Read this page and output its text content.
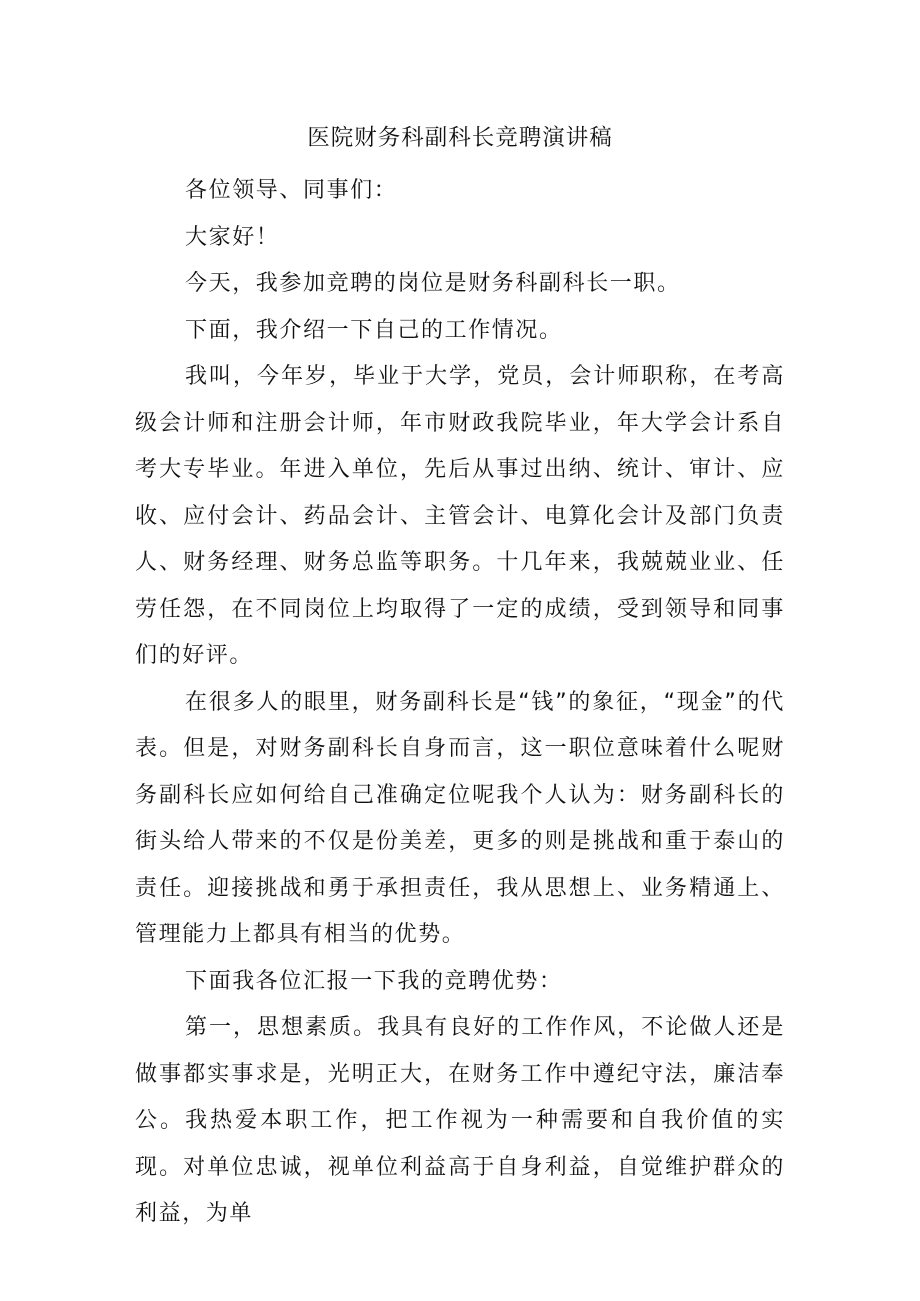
医院财务科副科长竞聘演讲稿

各位领导、同事们：

大家好！

今天，我参加竞聘的岗位是财务科副科长一职。

下面，我介绍一下自己的工作情况。

我叫，今年岁，毕业于大学，党员，会计师职称，在考高级会计师和注册会计师，年市财政我院毕业，年大学会计系自考大专毕业。年进入单位，先后从事过出纳、统计、审计、应收、应付会计、药品会计、主管会计、电算化会计及部门负责人、财务经理、财务总监等职务。十几年来，我兢兢业业、任劳任怨，在不同岗位上均取得了一定的成绩，受到领导和同事们的好评。

在很多人的眼里，财务副科长是“钱”的象征，“现金”的代表。但是，对财务副科长自身而言，这一职位意味着什么呢财务副科长应如何给自己准确定位呢我个人认为：财务副科长的街头给人带来的不仅是份美差，更多的则是挑战和重于泰山的责任。迎接挑战和勇于承担责任，我从思想上、业务精通上、管理能力上都具有相当的优势。

下面我各位汇报一下我的竞聘优势：

第一，思想素质。我具有良好的工作作风，不论做人还是做事都实事求是，光明正大，在财务工作中遵纪守法，廉洁奉公。我热爱本职工作，把工作视为一种需要和自我价值的实现。对单位忠诚，视单位利益高于自身利益，自觉维护群众的利益，为单
